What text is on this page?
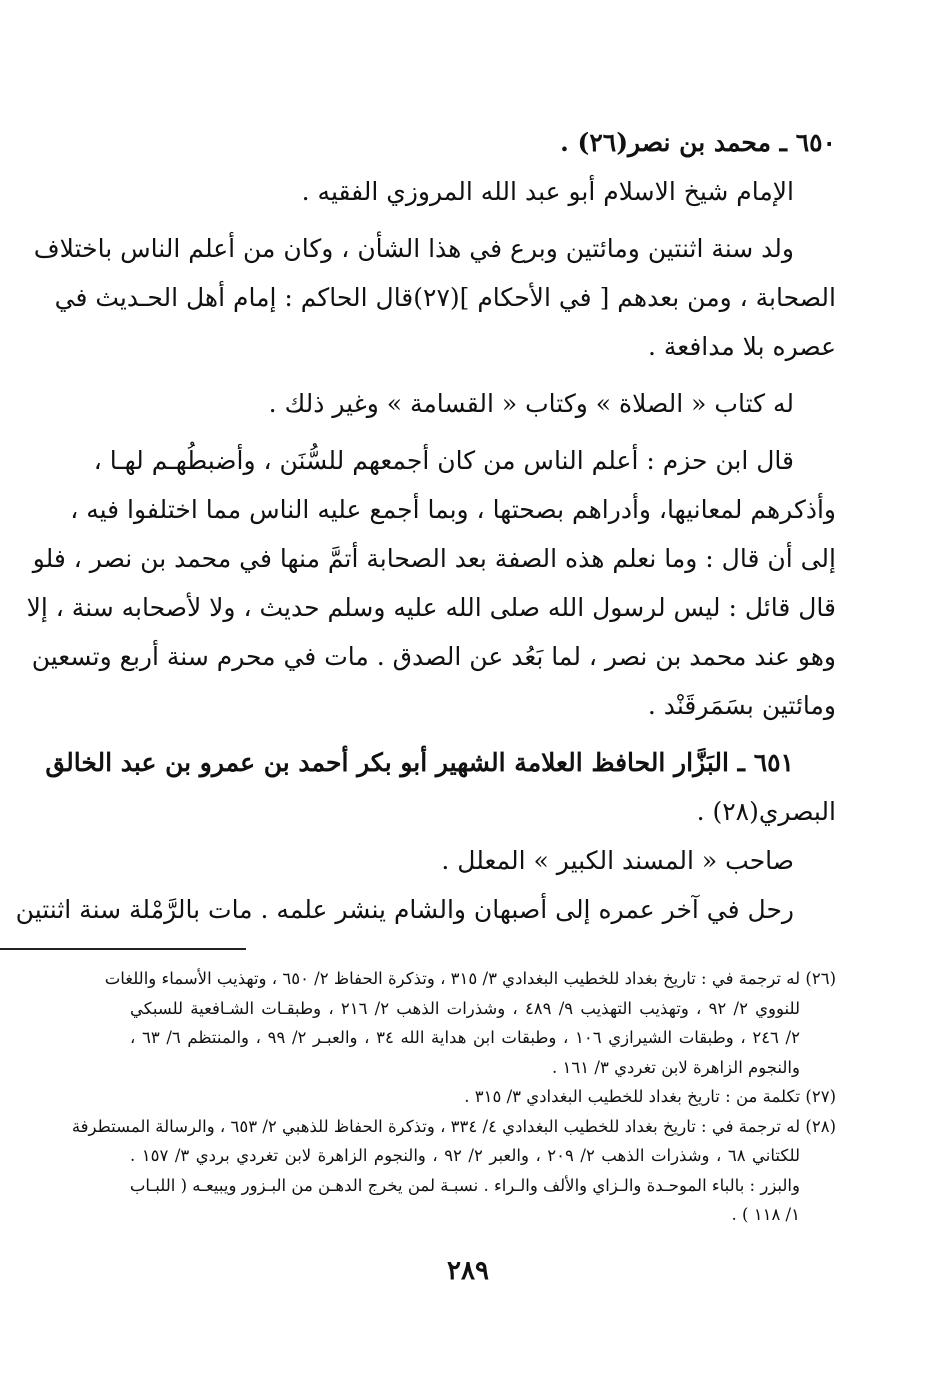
٦٥٠ ـ محمد بن نصر(٢٦) .
الإمام شيخ الاسلام أبو عبد الله المروزي الفقيه .
ولد سنة اثنتين ومائتين وبرع في هذا الشأن ، وكان من أعلم الناس باختلاف
الصحابة ، ومن بعدهم [ في الأحكام ](٢٧)قال الحاكم : إمام أهل الحـديث في
عصره بلا مدافعة .
له كتاب « الصلاة » وكتاب « القسامة » وغير ذلك .
قال ابن حزم : أعلم الناس من كان أجمعهم للسُّنَن ، وأضبطُهـم لهـا ،
وأذكرهم لمعانيها، وأدراهم بصحتها ، وبما أجمع عليه الناس مما اختلفوا فيه ،
إلى أن قال : وما نعلم هذه الصفة بعد الصحابة أتمَّ منها في محمد بن نصر ، فلو
قال قائل : ليس لرسول الله صلى الله عليه وسلم حديث ، ولا لأصحابه سنة ، إلا
وهو عند محمد بن نصر ، لما بَعُد عن الصدق . مات في محرم سنة أربع وتسعين
ومائتين بسَمَرقَنْد .
٦٥١ ـ البَزَّار الحافظ العلامة الشهير أبو بكر أحمد بن عمرو بن عبد الخالق
البصري(٢٨) .
صاحب « المسند الكبير » المعلل .
رحل في آخر عمره إلى أصبهان والشام ينشر علمه . مات بالرَّمْلة سنة اثنتين
(٢٦) له ترجمة في : تاريخ بغداد للخطيب البغدادي ٣/ ٣١٥ ، وتذكرة الحفاظ ٢/ ٦٥٠ ، وتهذيب الأسماء واللغات
للنووي ٢/ ٩٢ ، وتهذيب التهذيب ٩/ ٤٨٩ ، وشذرات الذهب ٢/ ٢١٦ ، وطبقـات الشـافعية للسبكي
٢/ ٢٤٦ ، وطبقات الشيرازي ١٠٦ ، وطبقات ابن هداية الله ٣٤ ، والعبـر ٢/ ٩٩ ، والمنتظم ٦/ ٦٣ ،
والنجوم الزاهرة لابن تغردي ٣/ ١٦١ .
(٢٧) تكلمة من : تاريخ بغداد للخطيب البغدادي ٣/ ٣١٥ .
(٢٨) له ترجمة في : تاريخ بغداد للخطيب البغدادي ٤/ ٣٣٤ ، وتذكرة الحفاظ للذهبي ٢/ ٦٥٣ ، والرسالة المستطرفة
للكتاني ٦٨ ، وشذرات الذهب ٢/ ٢٠٩ ، والعبر ٢/ ٩٢ ، والنجوم الزاهرة لابن تغردي بردي ٣/ ١٥٧ .
والبزر : بالباء الموحـدة والـزاي والألف والـراء . نسبـة لمن يخرج الدهـن من البـزور ويبيعـه ( اللبـاب
١/ ١١٨ ) .
٢٨٩
